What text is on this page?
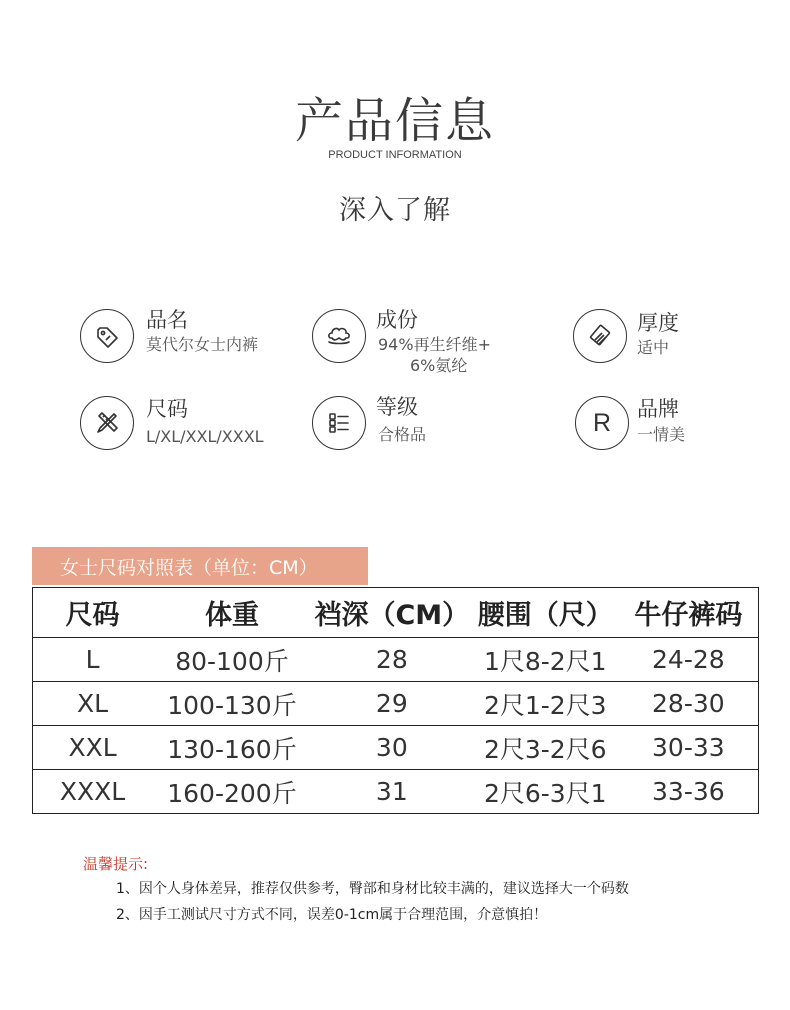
产品信息
PRODUCT INFORMATION
深入了解
品名
莫代尔女士内裤
成份
94%再生纤维+
6%氨纶
厚度
适中
尺码
L/XL/XXL/XXXL
等级
合格品	R 品牌
一情美
女士尺码对照表（单位：CM）
尺码	体重	裆深（CM）	腰围（尺）	牛仔裤码
L	80-100斤	28	1尺8-2尺1	24-28
XL	100-130斤	29	2尺1-2尺3	28-30
XXL	130-160斤	30	2尺3-2尺6	30-33
XXXL	160-200斤	31	2尺6-3尺1	33-36
温馨提示:
1、因个人身体差异，推荐仅供参考，臀部和身材比较丰满的，建议选择大一个码数
2、因手工测试尺寸方式不同，误差0-1cm属于合理范围，介意慎拍！
